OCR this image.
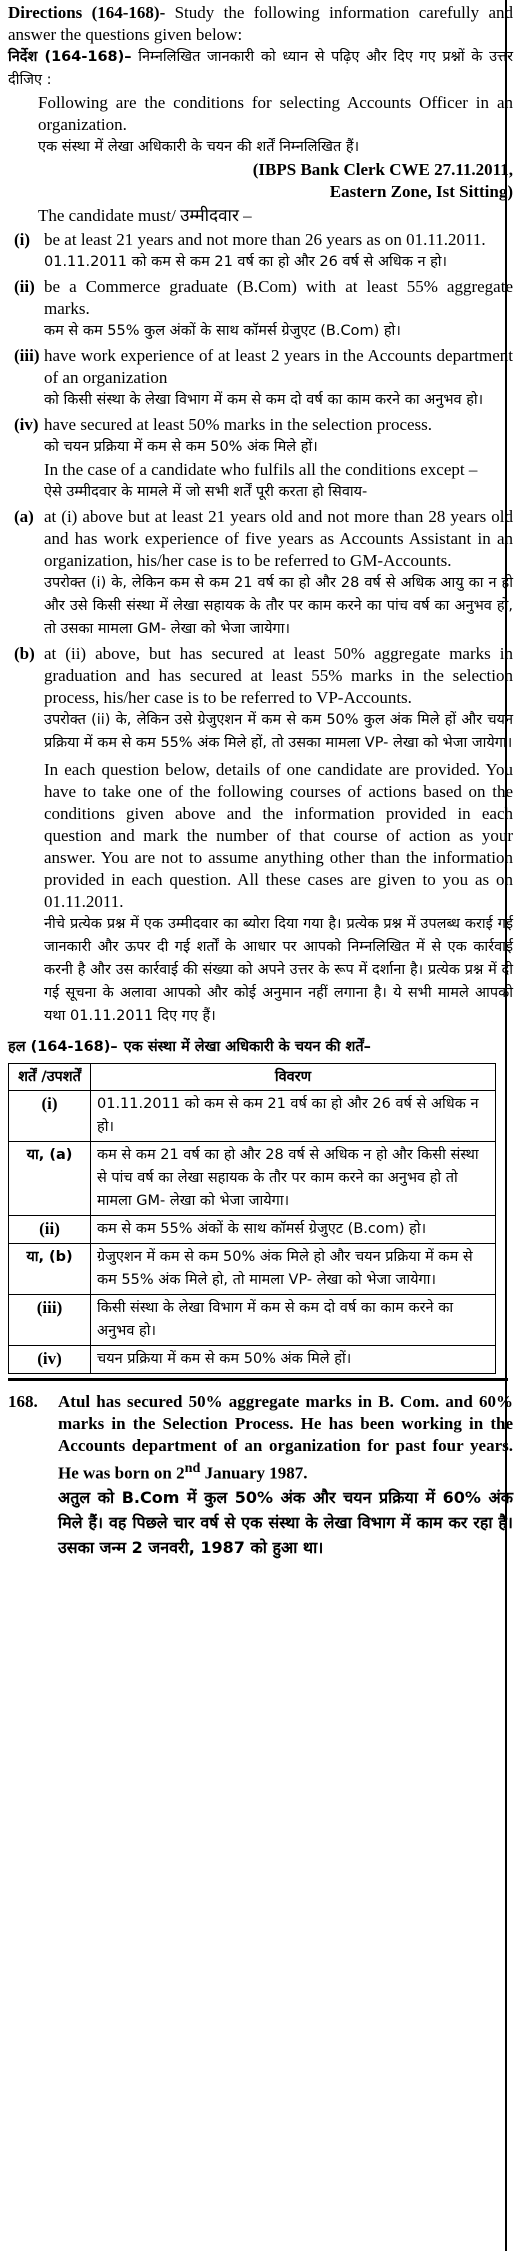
Directions (164-168)- Study the following information carefully and answer the questions given below:

निर्देश (164-168)– निम्नलिखित जानकारी को ध्यान से पढ़िए और दिए गए प्रश्नों के उत्तर दीजिए :

Following are the conditions for selecting Accounts Officer in an organization.

एक संस्था में लेखा अधिकारी के चयन की शर्तें निम्नलिखित हैं।

(IBPS Bank Clerk CWE 27.11.2011,

Eastern Zone, Ist Sitting)

The candidate must/ उम्मीदवार –

(i) be at least 21 years and not more than 26 years as on 01.11.2011.

01.11.2011 को कम से कम 21 वर्ष का हो और 26 वर्ष से अधिक न हो।

(ii) be a Commerce graduate (B.Com) with at least 55% aggregate marks.

कम से कम 55% कुल अंकों के साथ कॉमर्स ग्रेजुएट (B.Com) हो।

(iii) have work experience of at least 2 years in the Accounts department of an organization

को किसी संस्था के लेखा विभाग में कम से कम दो वर्ष का काम करने का अनुभव हो।

(iv) have secured at least 50% marks in the selection process.

को चयन प्रक्रिया में कम से कम 50% अंक मिले हों।

In the case of a candidate who fulfils all the conditions except –

ऐसे उम्मीदवार के मामले में जो सभी शर्तें पूरी करता हो सिवाय-

(a) at (i) above but at least 21 years old and not more than 28 years old and has work experience of five years as Accounts Assistant in an organization, his/her case is to be referred to GM-Accounts.

उपरोक्त (i) के, लेकिन कम से कम 21 वर्ष का हो और 28 वर्ष से अधिक आयु का न हो और उसे किसी संस्था में लेखा सहायक के तौर पर काम करने का पांच वर्ष का अनुभव हो, तो उसका मामला GM- लेखा को भेजा जायेगा।

(b) at (ii) above, but has secured at least 50% aggregate marks in graduation and has secured at least 55% marks in the selection process, his/her case is to be referred to VP-Accounts.

उपरोक्त (ii) के, लेकिन उसे ग्रेजुएशन में कम से कम 50% कुल अंक मिले हों और चयन प्रक्रिया में कम से कम 55% अंक मिले हों, तो उसका मामला VP- लेखा को भेजा जायेगा।

In each question below, details of one candidate are provided. You have to take one of the following courses of actions based on the conditions given above and the information provided in each question and mark the number of that course of action as your answer. You are not to assume anything other than the information provided in each question. All these cases are given to you as on 01.11.2011.

नीचे प्रत्येक प्रश्न में एक उम्मीदवार का ब्योरा दिया गया है। प्रत्येक प्रश्न में उपलब्ध कराई गई जानकारी और ऊपर दी गई शर्तों के आधार पर आपको निम्नलिखित में से एक कार्रवाई करनी है और उस कार्रवाई की संख्या को अपने उत्तर के रूप में दर्शाना है। प्रत्येक प्रश्न में दी गई सूचना के अलावा आपको और कोई अनुमान नहीं लगाना है। ये सभी मामले आपको यथा 01.11.2011 दिए गए हैं।

हल (164-168)– एक संस्था में लेखा अधिकारी के चयन की शर्तें–
शर्तें /उपशर्तें	विवरण
(i)	01.11.2011 को कम से कम 21 वर्ष का हो और 26 वर्ष से अधिक न हो।
या, (a)	कम से कम 21 वर्ष का हो और 28 वर्ष से अधिक न हो और किसी संस्था से पांच वर्ष का लेखा सहायक के तौर पर काम करने का अनुभव हो तो मामला GM- लेखा को भेजा जायेगा।
(ii)	कम से कम 55% अंकों के साथ कॉमर्स ग्रेजुएट (B.com) हो।
या, (b)	ग्रेजुएशन में कम से कम 50% अंक मिले हो और चयन प्रक्रिया में कम से कम 55% अंक मिले हो, तो मामला VP- लेखा को भेजा जायेगा।
(iii)	किसी संस्था के लेखा विभाग में कम से कम दो वर्ष का काम करने का अनुभव हो।
(iv)	चयन प्रक्रिया में कम से कम 50% अंक मिले हों।
168.	Atul has secured 50% aggregate marks in B. Com. and 60% marks in the Selection Process. He has been working in the Accounts department of an organization for past four years. He was born on 2nd January 1987.

अतुल को B.Com में कुल 50% अंक और चयन प्रक्रिया में 60% अंक मिले हैं। वह पिछले चार वर्ष से एक संस्था के लेखा विभाग में काम कर रहा है। उसका जन्म 2 जनवरी, 1987 को हुआ था।
